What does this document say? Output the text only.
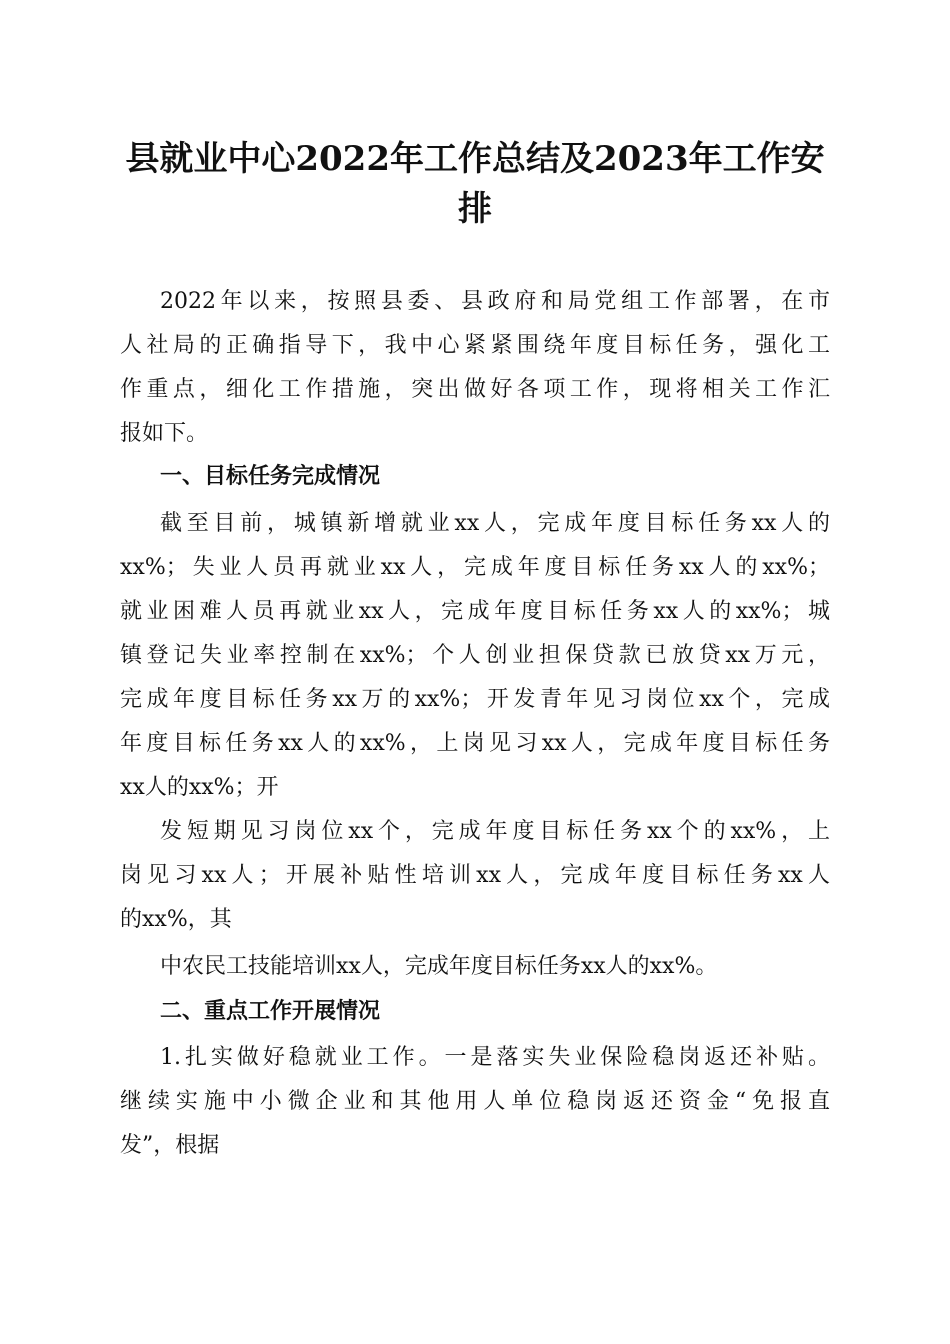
县就业中心2022年工作总结及2023年工作安
排

2022年以来，按照县委、县政府和局党组工作部署，在市

人社局的正确指导下，我中心紧紧围绕年度目标任务，强化工

作重点，细化工作措施，突出做好各项工作，现将相关工作汇

报如下。

一、目标任务完成情况

截至目前，城镇新增就业xx人，完成年度目标任务xx人的

xx%；失业人员再就业xx人，完成年度目标任务xx人的xx%；

就业困难人员再就业xx人，完成年度目标任务xx人的xx%；城

镇登记失业率控制在xx%；个人创业担保贷款已放贷xx万元，

完成年度目标任务xx万的xx%；开发青年见习岗位xx个，完成

年度目标任务xx人的xx%，上岗见习xx人，完成年度目标任务

xx人的xx%；开

发短期见习岗位xx个，完成年度目标任务xx个的xx%，上

岗见习xx人；开展补贴性培训xx人，完成年度目标任务xx人

的xx%，其

中农民工技能培训xx人，完成年度目标任务xx人的xx%。

二、重点工作开展情况

1.扎实做好稳就业工作。一是落实失业保险稳岗返还补贴。

继续实施中小微企业和其他用人单位稳岗返还资金“免报直

发”，根据
